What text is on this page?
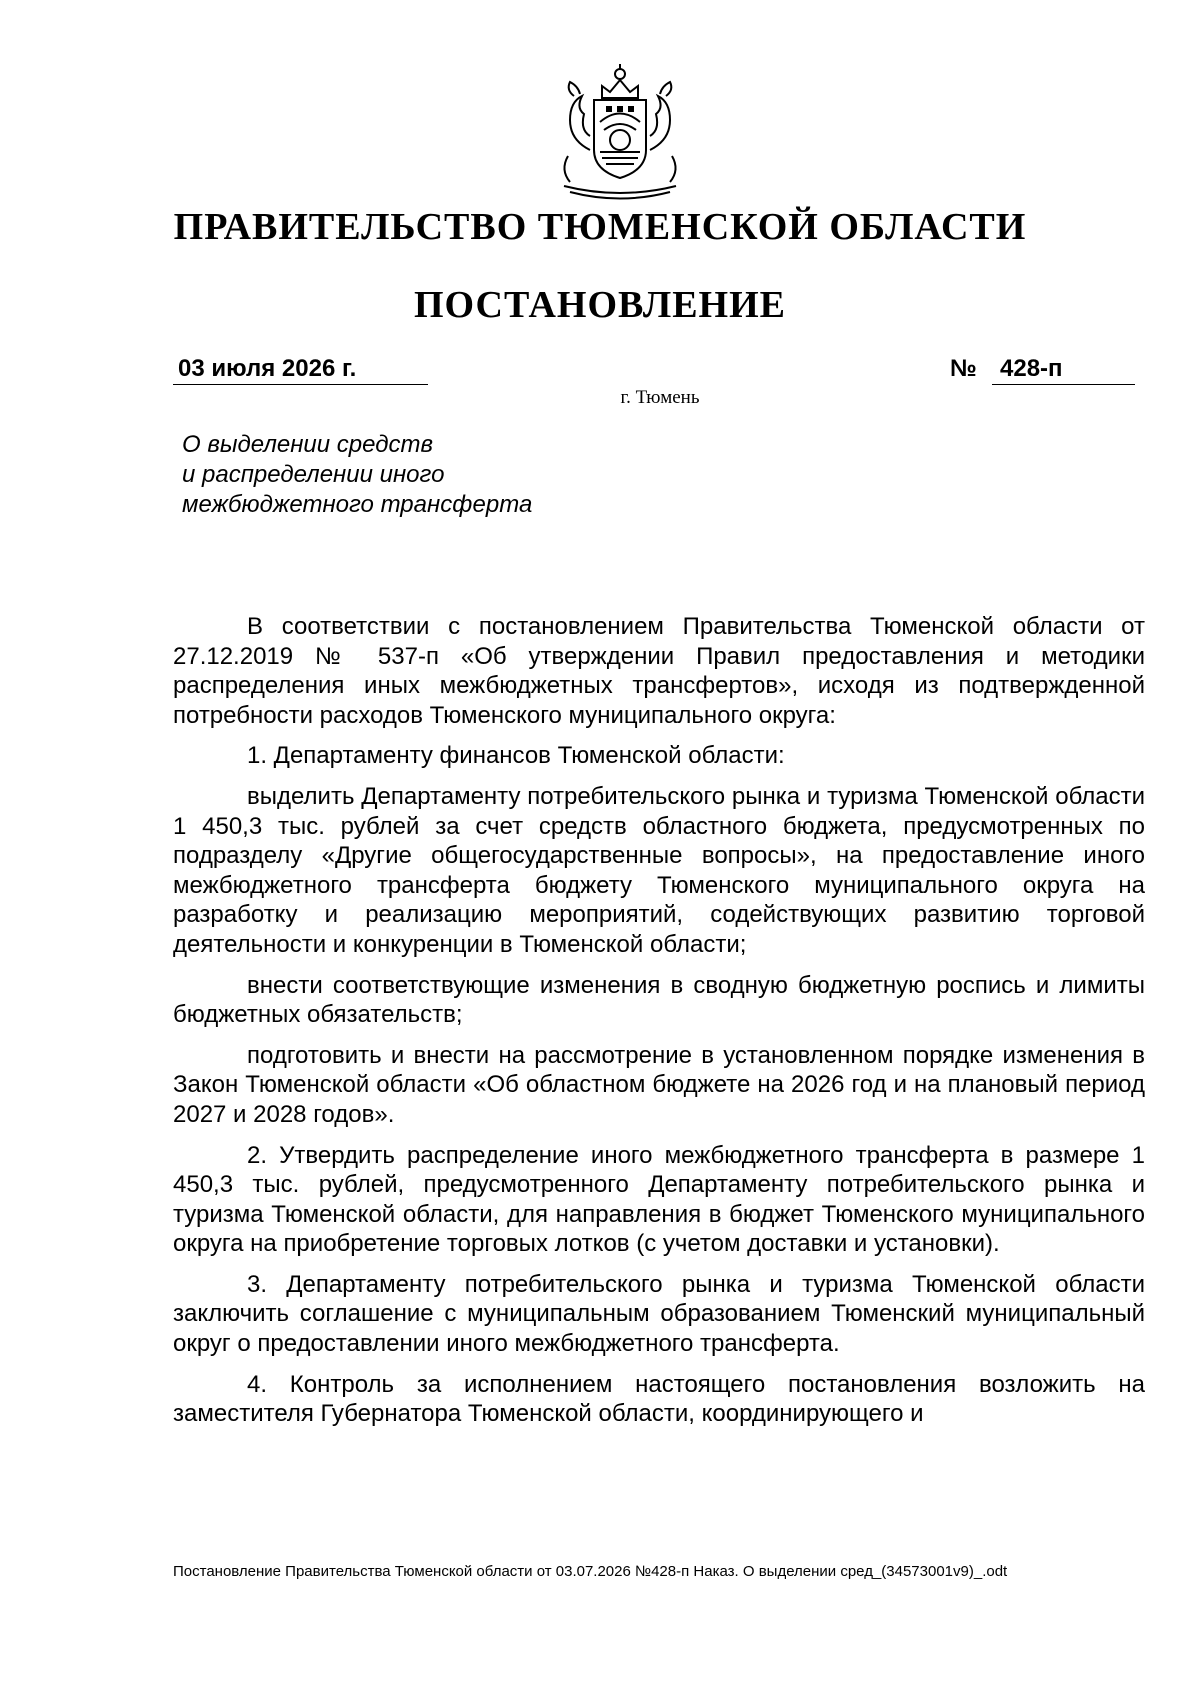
ПРАВИТЕЛЬСТВО ТЮМЕНСКОЙ ОБЛАСТИ
ПОСТАНОВЛЕНИЕ
03 июля 2026 г.	№ 428-п
г. Тюмень
О выделении средств
и распределении иного
межбюджетного трансферта

В соответствии с постановлением Правительства Тюменской области от 27.12.2019 № 537-п «Об утверждении Правил предоставления и методики распределения иных межбюджетных трансфертов», исходя из подтвержденной потребности расходов Тюменского муниципального округа:

1. Департаменту финансов Тюменской области:

выделить Департаменту потребительского рынка и туризма Тюменской области 1 450,3 тыс. рублей за счет средств областного бюджета, предусмотренных по подразделу «Другие общегосударственные вопросы», на предоставление иного межбюджетного трансферта бюджету Тюменского муниципального округа на разработку и реализацию мероприятий, содействующих развитию торговой деятельности и конкуренции в Тюменской области;

внести соответствующие изменения в сводную бюджетную роспись и лимиты бюджетных обязательств;

подготовить и внести на рассмотрение в установленном порядке изменения в Закон Тюменской области «Об областном бюджете на 2026 год и на плановый период 2027 и 2028 годов».

2. Утвердить распределение иного межбюджетного трансферта в размере 1 450,3 тыс. рублей, предусмотренного Департаменту потребительского рынка и туризма Тюменской области, для направления в бюджет Тюменского муниципального округа на приобретение торговых лотков (с учетом доставки и установки).

3. Департаменту потребительского рынка и туризма Тюменской области заключить соглашение с муниципальным образованием Тюменский муниципальный округ о предоставлении иного межбюджетного трансферта.

4. Контроль за исполнением настоящего постановления возложить на заместителя Губернатора Тюменской области, координирующего и

Постановление Правительства Тюменской области от 03.07.2026 №428-п Наказ. О выделении сред_(34573001v9)_.odt
